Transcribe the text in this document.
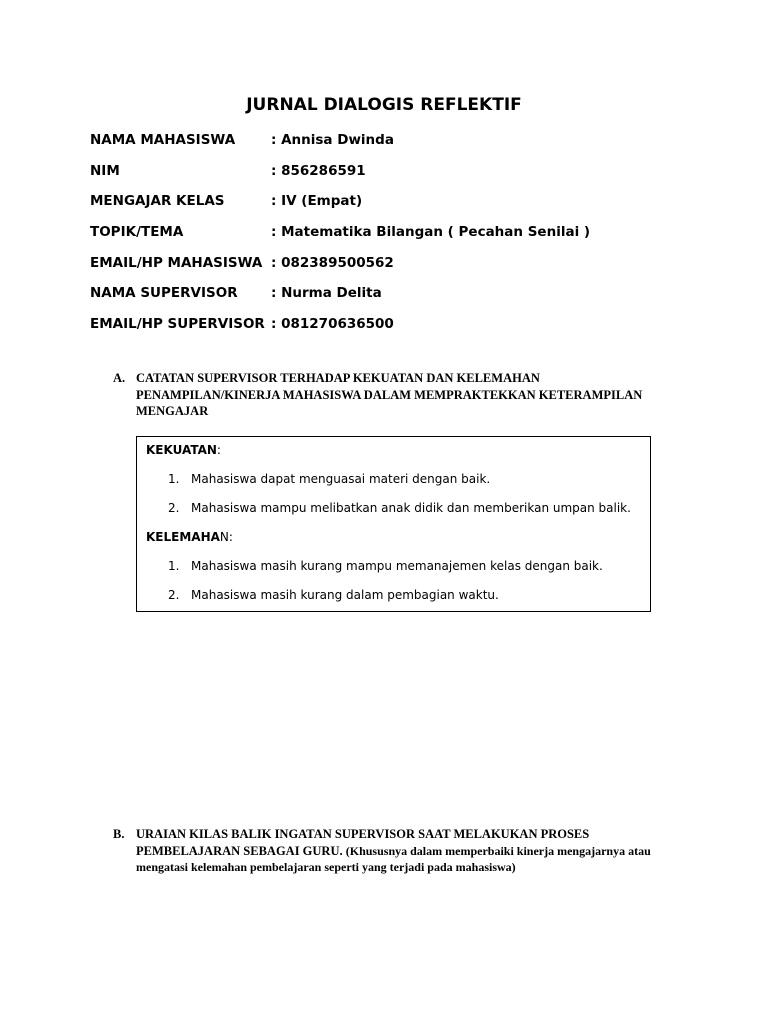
JURNAL DIALOGIS REFLEKTIF
NAMA MAHASISWA	: Annisa Dwinda
NIM	: 856286591
MENGAJAR KELAS	: IV (Empat)
TOPIK/TEMA	: Matematika Bilangan ( Pecahan Senilai )
EMAIL/HP MAHASISWA : 082389500562
NAMA SUPERVISOR : Nurma Delita
EMAIL/HP SUPERVISOR : 081270636500
A. CATATAN SUPERVISOR TERHADAP KEKUATAN DAN KELEMAHAN PENAMPILAN/KINERJA MAHASISWA DALAM MEMPRAKTEKKAN KETERAMPILAN MENGAJAR
KEKUATAN:
1. Mahasiswa dapat menguasai materi dengan baik.
2. Mahasiswa mampu melibatkan anak didik dan memberikan umpan balik.
KELEMAHAN:
1. Mahasiswa masih kurang mampu memanajemen kelas dengan baik.
2. Mahasiswa masih kurang dalam pembagian waktu.
B. URAIAN KILAS BALIK INGATAN SUPERVISOR SAAT MELAKUKAN PROSES PEMBELAJARAN SEBAGAI GURU. (Khususnya dalam memperbaiki kinerja mengajarnya atau mengatasi kelemahan pembelajaran seperti yang terjadi pada mahasiswa)
